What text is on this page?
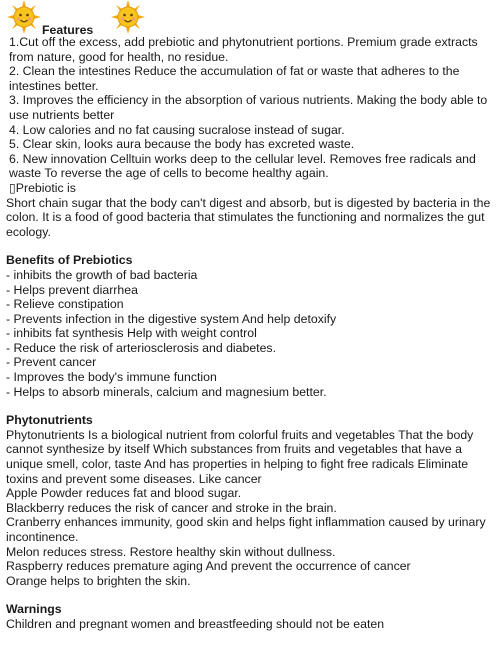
Features

1.Cut off the excess, add prebiotic and phytonutrient portions. Premium grade extracts from nature, good for health, no residue.

2. Clean the intestines Reduce the accumulation of fat or waste that adheres to the intestines better.

3. Improves the efficiency in the absorption of various nutrients. Making the body able to use nutrients better

4. Low calories and no fat causing sucralose instead of sugar.

5. Clear skin, looks aura because the body has excreted waste.

6. New innovation Celltuin works deep to the cellular level. Removes free radicals and waste To reverse the age of cells to become healthy again.

▯Prebiotic is

Short chain sugar that the body can't digest and absorb, but is digested by bacteria in the colon. It is a food of good bacteria that stimulates the functioning and normalizes the gut ecology.

Benefits of Prebiotics

- inhibits the growth of bad bacteria

- Helps prevent diarrhea

- Relieve constipation

- Prevents infection in the digestive system And help detoxify

- inhibits fat synthesis Help with weight control

- Reduce the risk of arteriosclerosis and diabetes.

- Prevent cancer

- Improves the body's immune function

- Helps to absorb minerals, calcium and magnesium better.

Phytonutrients

Phytonutrients Is a biological nutrient from colorful fruits and vegetables That the body cannot synthesize by itself Which substances from fruits and vegetables that have a unique smell, color, taste And has properties in helping to fight free radicals Eliminate toxins and prevent some diseases. Like cancer

Apple Powder reduces fat and blood sugar.

Blackberry reduces the risk of cancer and stroke in the brain.

Cranberry enhances immunity, good skin and helps fight inflammation caused by urinary incontinence.

Melon reduces stress. Restore healthy skin without dullness.

Raspberry reduces premature aging And prevent the occurrence of cancer

Orange helps to brighten the skin.

Warnings

Children and pregnant women and breastfeeding should not be eaten
